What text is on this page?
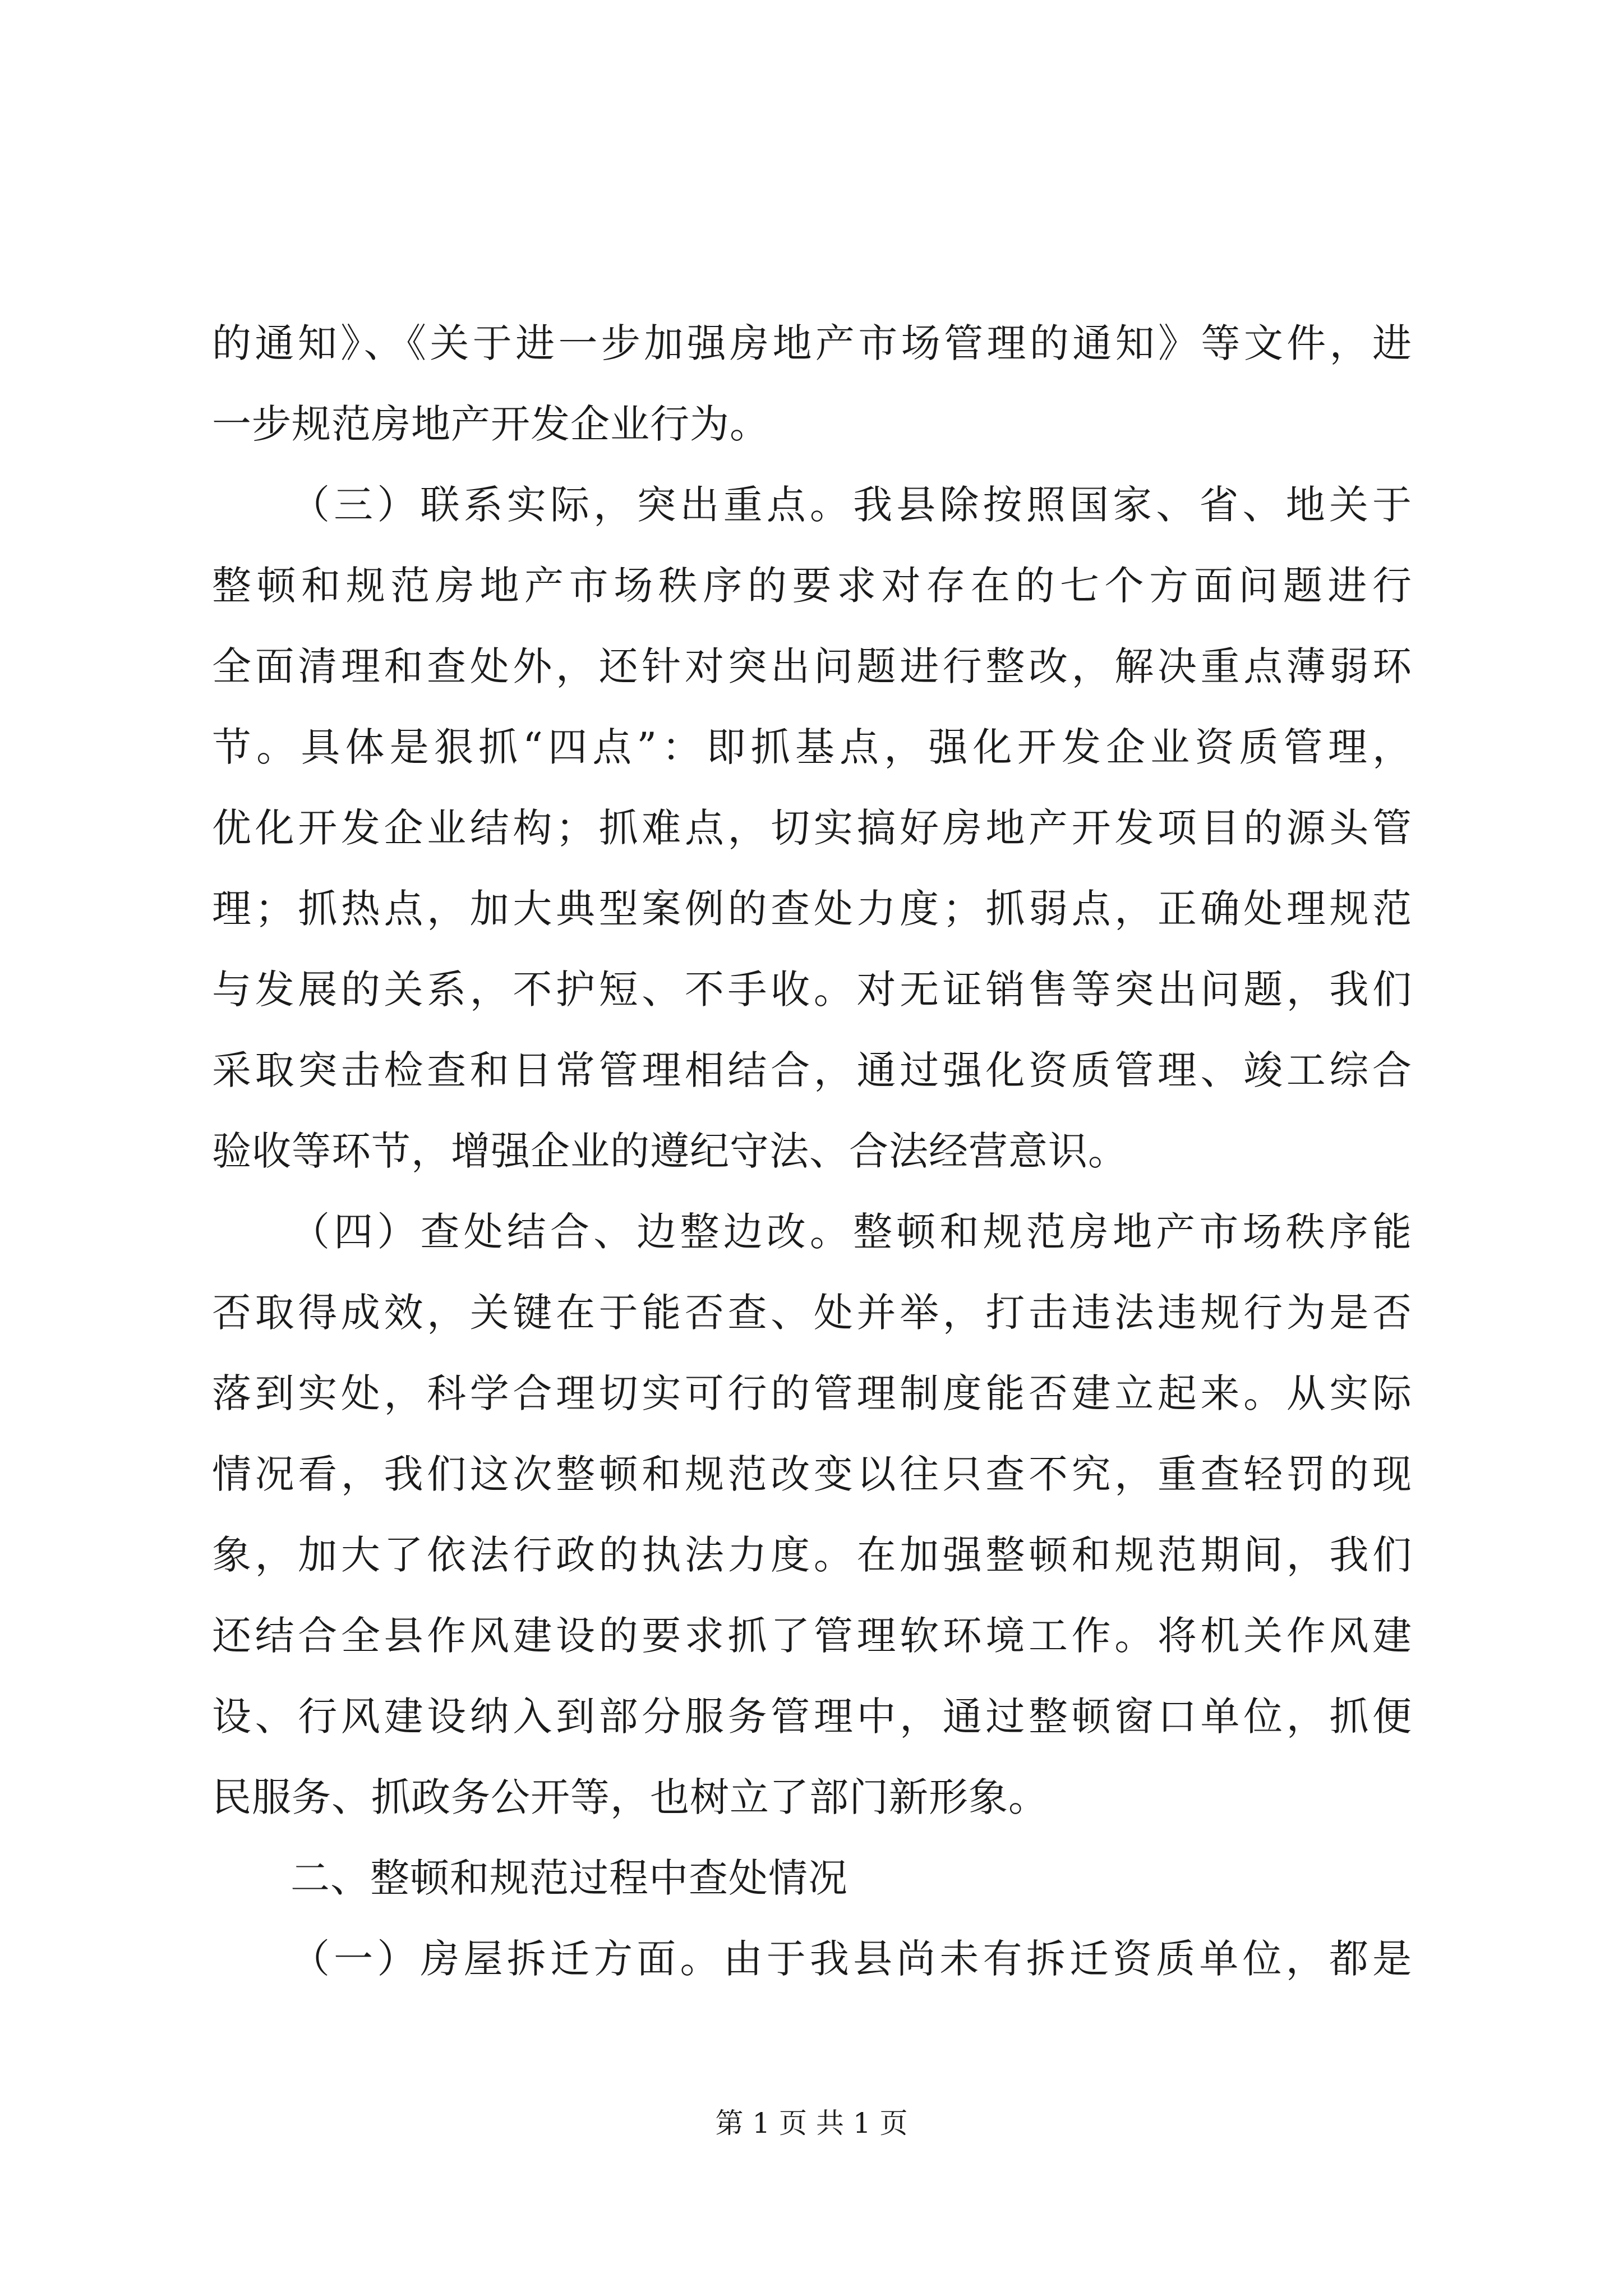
的通知》、《关于进一步加强房地产市场管理的通知》等文件，进
一步规范房地产开发企业行为。
（三）联系实际，突出重点。我县除按照国家、省、地关于
整顿和规范房地产市场秩序的要求对存在的七个方面问题进行
全面清理和查处外，还针对突出问题进行整改，解决重点薄弱环
节。具体是狠抓“四点”：即抓基点，强化开发企业资质管理，
优化开发企业结构；抓难点，切实搞好房地产开发项目的源头管
理；抓热点，加大典型案例的查处力度；抓弱点，正确处理规范
与发展的关系，不护短、不手收。对无证销售等突出问题，我们
采取突击检查和日常管理相结合，通过强化资质管理、竣工综合
验收等环节，增强企业的遵纪守法、合法经营意识。
（四）查处结合、边整边改。整顿和规范房地产市场秩序能
否取得成效，关键在于能否查、处并举，打击违法违规行为是否
落到实处，科学合理切实可行的管理制度能否建立起来。从实际
情况看，我们这次整顿和规范改变以往只查不究，重查轻罚的现
象，加大了依法行政的执法力度。在加强整顿和规范期间，我们
还结合全县作风建设的要求抓了管理软环境工作。将机关作风建
设、行风建设纳入到部分服务管理中，通过整顿窗口单位，抓便
民服务、抓政务公开等，也树立了部门新形象。
二、整顿和规范过程中查处情况
（一）房屋拆迁方面。由于我县尚未有拆迁资质单位，都是
第 1 页 共 1 页
